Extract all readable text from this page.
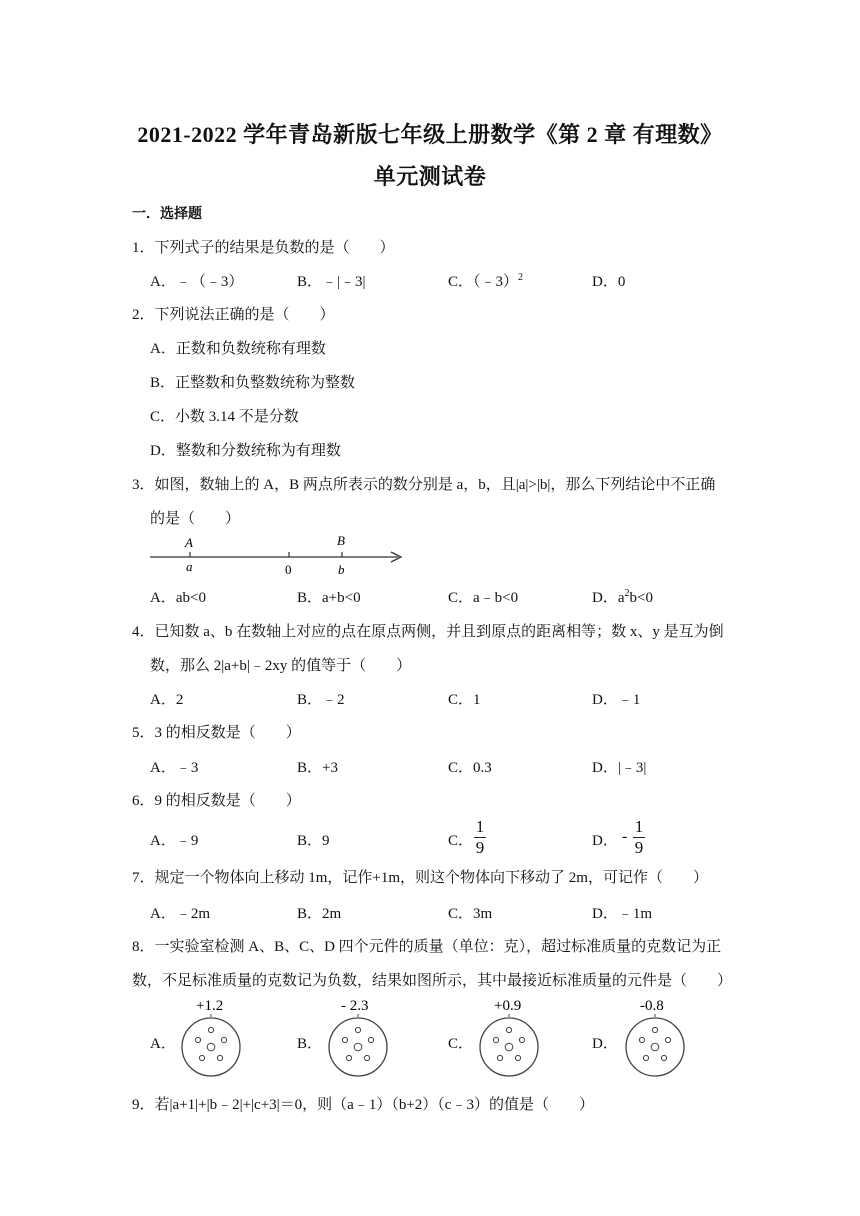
2021-2022 学年青岛新版七年级上册数学《第 2 章 有理数》
单元测试卷
一．选择题
1．下列式子的结果是负数的是（　　）
A．﹣（﹣3）	B．﹣|﹣3|	C．（﹣3）$^2$	D．0
2．下列说法正确的是（　　）
A．正数和负数统称有理数
B．正整数和负整数统称为整数
C．小数 3.14 不是分数
D．整数和分数统称为有理数
3．如图，数轴上的 A，B 两点所表示的数分别是 a，b，且|a|>|b|，那么下列结论中不正确
的是（　　）
A
a	0
B
b
A．ab<0	B．a+b<0	C．a﹣b<0	D．$a^2b<0$
4．已知数 a、b 在数轴上对应的点在原点两侧，并且到原点的距离相等；数 x、y 是互为倒
数，那么 2|a+b|﹣2xy 的值等于（　　）
A．2	B．﹣2	C．1	D．﹣1
5．3 的相反数是（　　）
A．﹣3	B．+3	C．0.3	D．|﹣3|
6．9 的相反数是（　　）
A．﹣9	B．9	C．
1
9	D． -
1
9
7．规定一个物体向上移动 1m，记作+1m，则这个物体向下移动了 2m，可记作（　　）
A．﹣2m	B．2m	C．3m	D．﹣1m
8．一实验室检测 A、B、C、D 四个元件的质量（单位：克），超过标准质量的克数记为正
数，不足标准质量的克数记为负数，结果如图所示，其中最接近标准质量的元件是（　　）
A．	B．	C．	D．
+1.2	- 2.3	+0.9	-0.8
9．若|a+1|+|b﹣2|+|c+3|＝0，则（a﹣1）（b+2）（c﹣3）的值是（　　）
